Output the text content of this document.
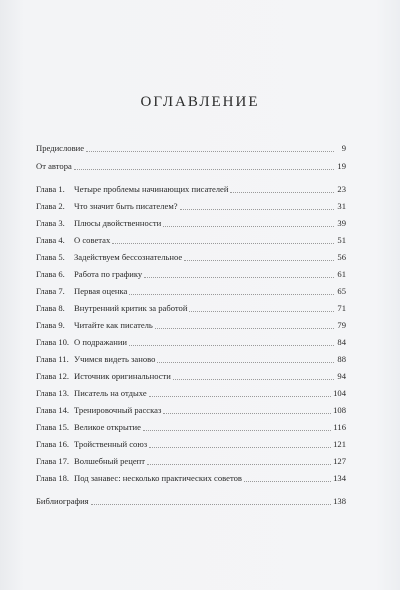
ОГЛАВЛЕНИЕ
Предисловие	9
От автора	19
Глава 1.	Четыре проблемы начинающих писателей	23
Глава 2.	Что значит быть писателем?	31
Глава 3.	Плюсы двойственности	39
Глава 4.	О советах	51
Глава 5.	Задействуем бессознательное	56
Глава 6.	Работа по графику	61
Глава 7.	Первая оценка	65
Глава 8.	Внутренний критик за работой	71
Глава 9.	Читайте как писатель	79
Глава 10. О подражании	84
Глава 11. Учимся видеть заново	88
Глава 12. Источник оригинальности	94
Глава 13. Писатель на отдыхе	104
Глава 14. Тренировочный рассказ	108
Глава 15. Великое открытие	116
Глава 16. Тройственный союз	121
Глава 17. Волшебный рецепт	127
Глава 18. Под занавес: несколько практических советов	134
Библиография	138
